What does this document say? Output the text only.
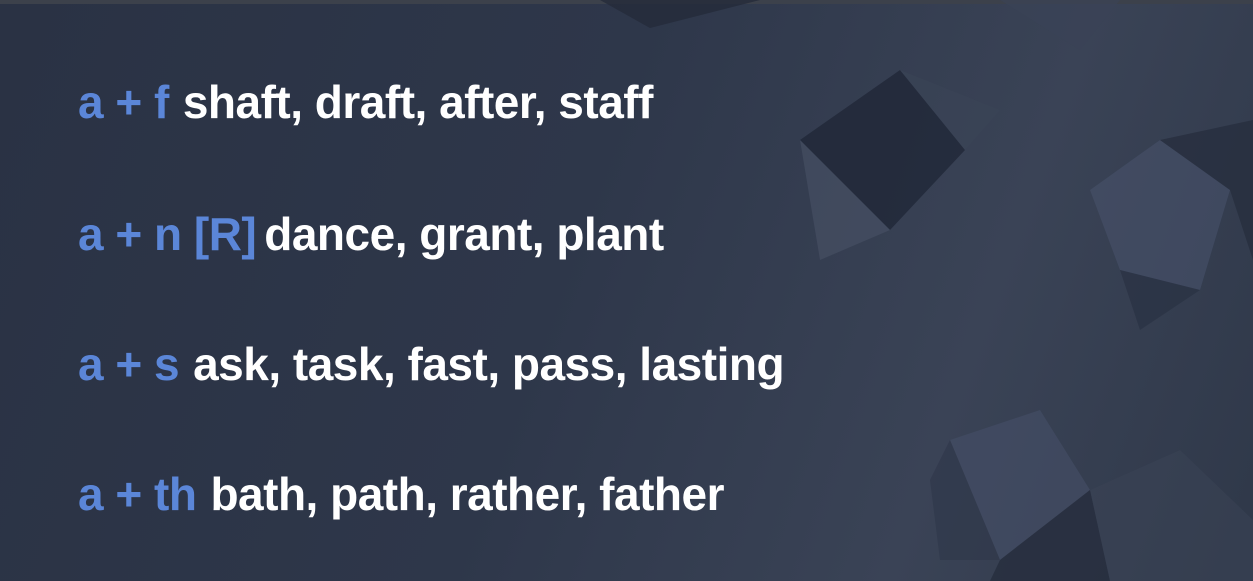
a + f shaft, draft, after, staff
a + n [R] dance, grant, plant
a + s ask, task, fast, pass, lasting
a + th bath, path, rather, father
